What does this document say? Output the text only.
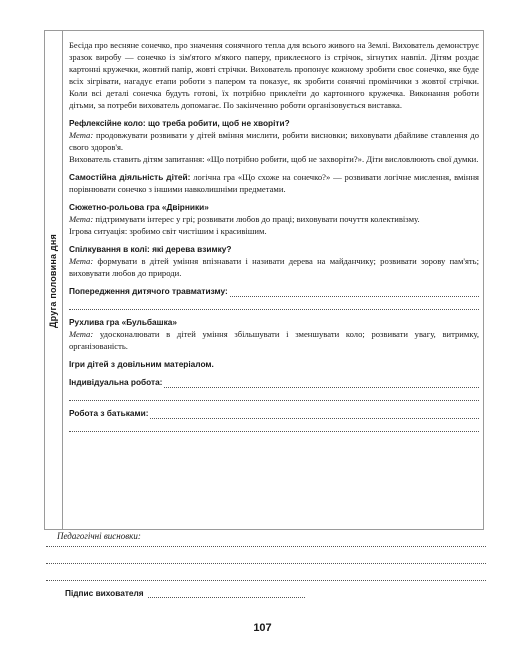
Друга половина дня

Бесіда про весняне сонечко, про значення сонячного тепла для всього живого на Землі. Вихователь демонструє зразок виробу — сонечко із зім'ятого м'якого паперу, приклеєного із стрічок, зігнутих навпіл. Дітям роздає картонні кружечки, жовтий папір, жовті стрічки. Вихователь пропонує кожному зробити своє сонечко, яке буде всіх зігрівати, нагадує етапи роботи з папером та показує, як зробити сонячні промінчики з жовтої стрічки. Коли всі деталі сонечка будуть готові, їх потрібно приклеїти до картонного кружечка. Виконання роботи дітьми, за потреби вихователь допомагає. По закінченню роботи організовується виставка.

Рефлексійне коло: що треба робити, щоб не хворіти?

Мета: продовжувати розвивати у дітей вміння мислити, робити висновки; виховувати дбайливе ставлення до свого здоров'я.

Вихователь ставить дітям запитання: «Що потрібно робити, щоб не захворіти?». Діти висловлюють свої думки.

Самостійна діяльність дітей: логічна гра «Що схоже на сонечко?» — розвивати логічне мислення, вміння порівнювати сонечко з іншими навколишніми предметами.

Сюжетно-рольова гра «Двірники»

Мета: підтримувати інтерес у грі; розвивати любов до праці; виховувати почуття колективізму.

Ігрова ситуація: зробимо світ чистішим і красивішим.

Спілкування в колі: які дерева взимку?

Мета: формувати в дітей уміння впізнавати і називати дерева на майданчику; розвивати зорову пам'ять; виховувати любов до природи.

Попередження дитячого травматизму:

Рухлива гра «Бульбашка»

Мета: удосконалювати в дітей уміння збільшувати і зменшувати коло; розвивати увагу, витримку, організованість.

Ігри дітей з довільним матеріалом.

Індивідуальна робота:
Робота з батьками:
Педагогічні висновки:
Підпис вихователя
107
